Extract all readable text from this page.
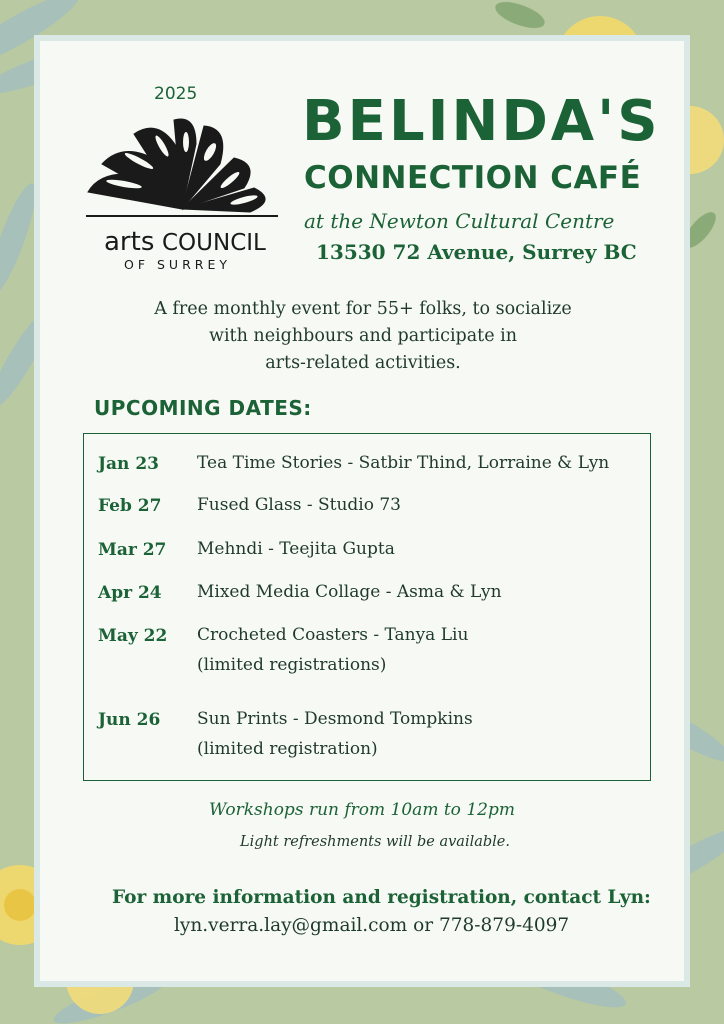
2025
arts COUNCIL
OF SURREY
BELINDA'S
CONNECTION CAFÉ
at the Newton Cultural Centre
13530 72 Avenue, Surrey BC
A free monthly event for 55+ folks, to socialize
with neighbours and participate in
arts-related activities.
UPCOMING DATES:
Jan 23 Tea Time Stories - Satbir Thind, Lorraine & Lyn
Feb 27 Fused Glass - Studio 73
Mar 27 Mehndi - Teejita Gupta
Apr 24 Mixed Media Collage - Asma & Lyn
May 22 Crocheted Coasters - Tanya Liu
(limited registrations)
Jun 26 Sun Prints - Desmond Tompkins
(limited registration)
Workshops run from 10am to 12pm
Light refreshments will be available.
For more information and registration, contact Lyn:
lyn.verra.lay@gmail.com or 778-879-4097
